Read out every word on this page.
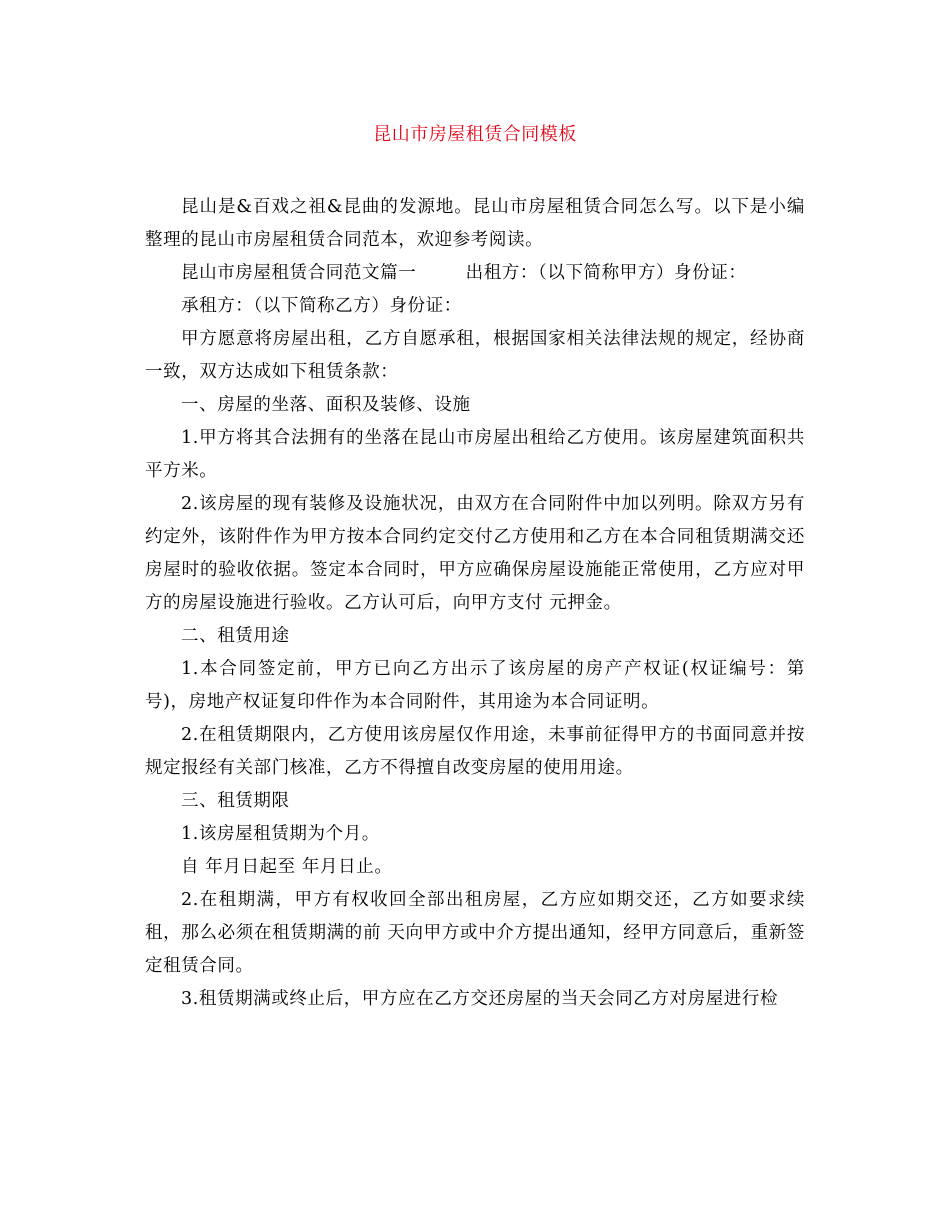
昆山市房屋租赁合同模板

昆山是&百戏之祖&昆曲的发源地。昆山市房屋租赁合同怎么写。以下是小编整理的昆山市房屋租赁合同范本，欢迎参考阅读。

昆山市房屋租赁合同范文篇一        出租方：（以下简称甲方）身份证：

承租方：（以下简称乙方）身份证：

甲方愿意将房屋出租，乙方自愿承租，根据国家相关法律法规的规定，经协商一致，双方达成如下租赁条款：

一、房屋的坐落、面积及装修、设施

1.甲方将其合法拥有的坐落在昆山市房屋出租给乙方使用。该房屋建筑面积共 平方米。

2.该房屋的现有装修及设施状况，由双方在合同附件中加以列明。除双方另有约定外，该附件作为甲方按本合同约定交付乙方使用和乙方在本合同租赁期满交还房屋时的验收依据。签定本合同时，甲方应确保房屋设施能正常使用，乙方应对甲方的房屋设施进行验收。乙方认可后，向甲方支付 元押金。

二、租赁用途

1.本合同签定前，甲方已向乙方出示了该房屋的房产产权证(权证编号：第 号)，房地产权证复印件作为本合同附件，其用途为本合同证明。

2.在租赁期限内，乙方使用该房屋仅作用途，未事前征得甲方的书面同意并按规定报经有关部门核准，乙方不得擅自改变房屋的使用用途。

三、租赁期限

1.该房屋租赁期为个月。

自 年月日起至 年月日止。

2.在租期满，甲方有权收回全部出租房屋，乙方应如期交还，乙方如要求续租，那么必须在租赁期满的前 天向甲方或中介方提出通知，经甲方同意后，重新签定租赁合同。

3.租赁期满或终止后，甲方应在乙方交还房屋的当天会同乙方对房屋进行检
